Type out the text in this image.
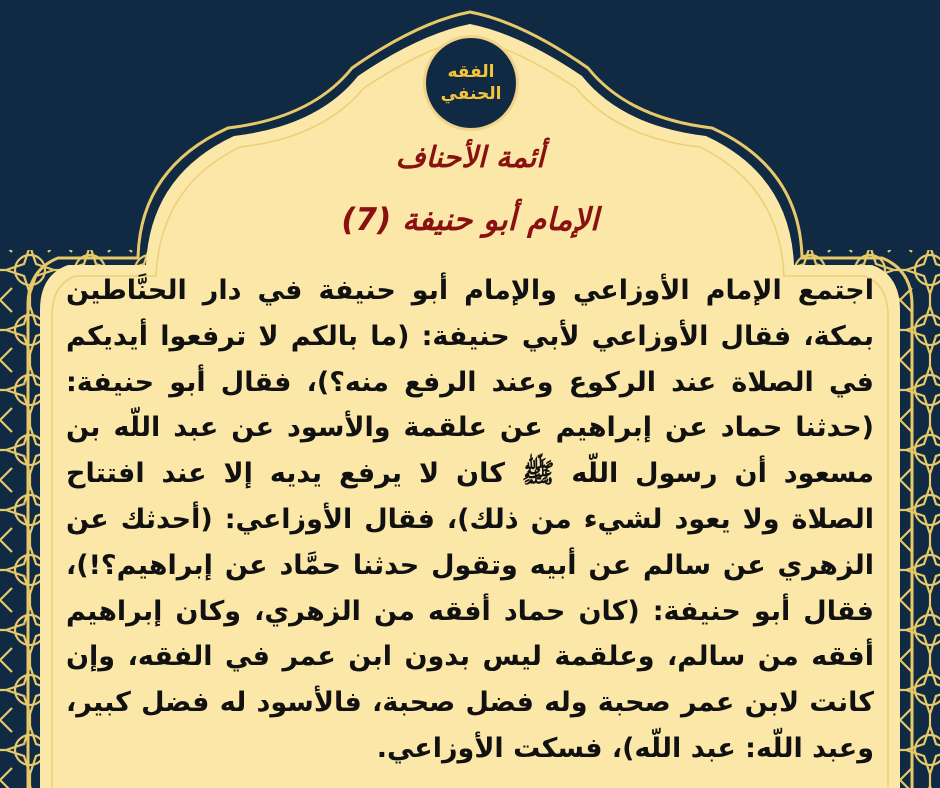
الفقه
الحنفي
أئمة الأحناف
الإمام أبو حنيفة (7)
اجتمع الإمام الأوزاعي والإمام أبو حنيفة في دار الحنَّاطين بمكة، فقال الأوزاعي لأبي حنيفة: (ما بالكم لا ترفعوا أيديكم في الصلاة عند الركوع وعند الرفع منه؟)، فقال أبو حنيفة: (حدثنا حماد عن إبراهيم عن علقمة والأسود عن عبد اللّه بن مسعود أن رسول اللّه ﷺ كان لا يرفع يديه إلا عند افتتاح الصلاة ولا يعود لشيء من ذلك)، فقال الأوزاعي: (أحدثك عن الزهري عن سالم عن أبيه وتقول حدثنا حمَّاد عن إبراهيم؟!)، فقال أبو حنيفة: (كان حماد أفقه من الزهري، وكان إبراهيم أفقه من سالم، وعلقمة ليس بدون ابن عمر في الفقه، وإن كانت لابن عمر صحبة وله فضل صحبة، فالأسود له فضل كبير، وعبد اللّه: عبد اللّه)، فسكت الأوزاعي.
